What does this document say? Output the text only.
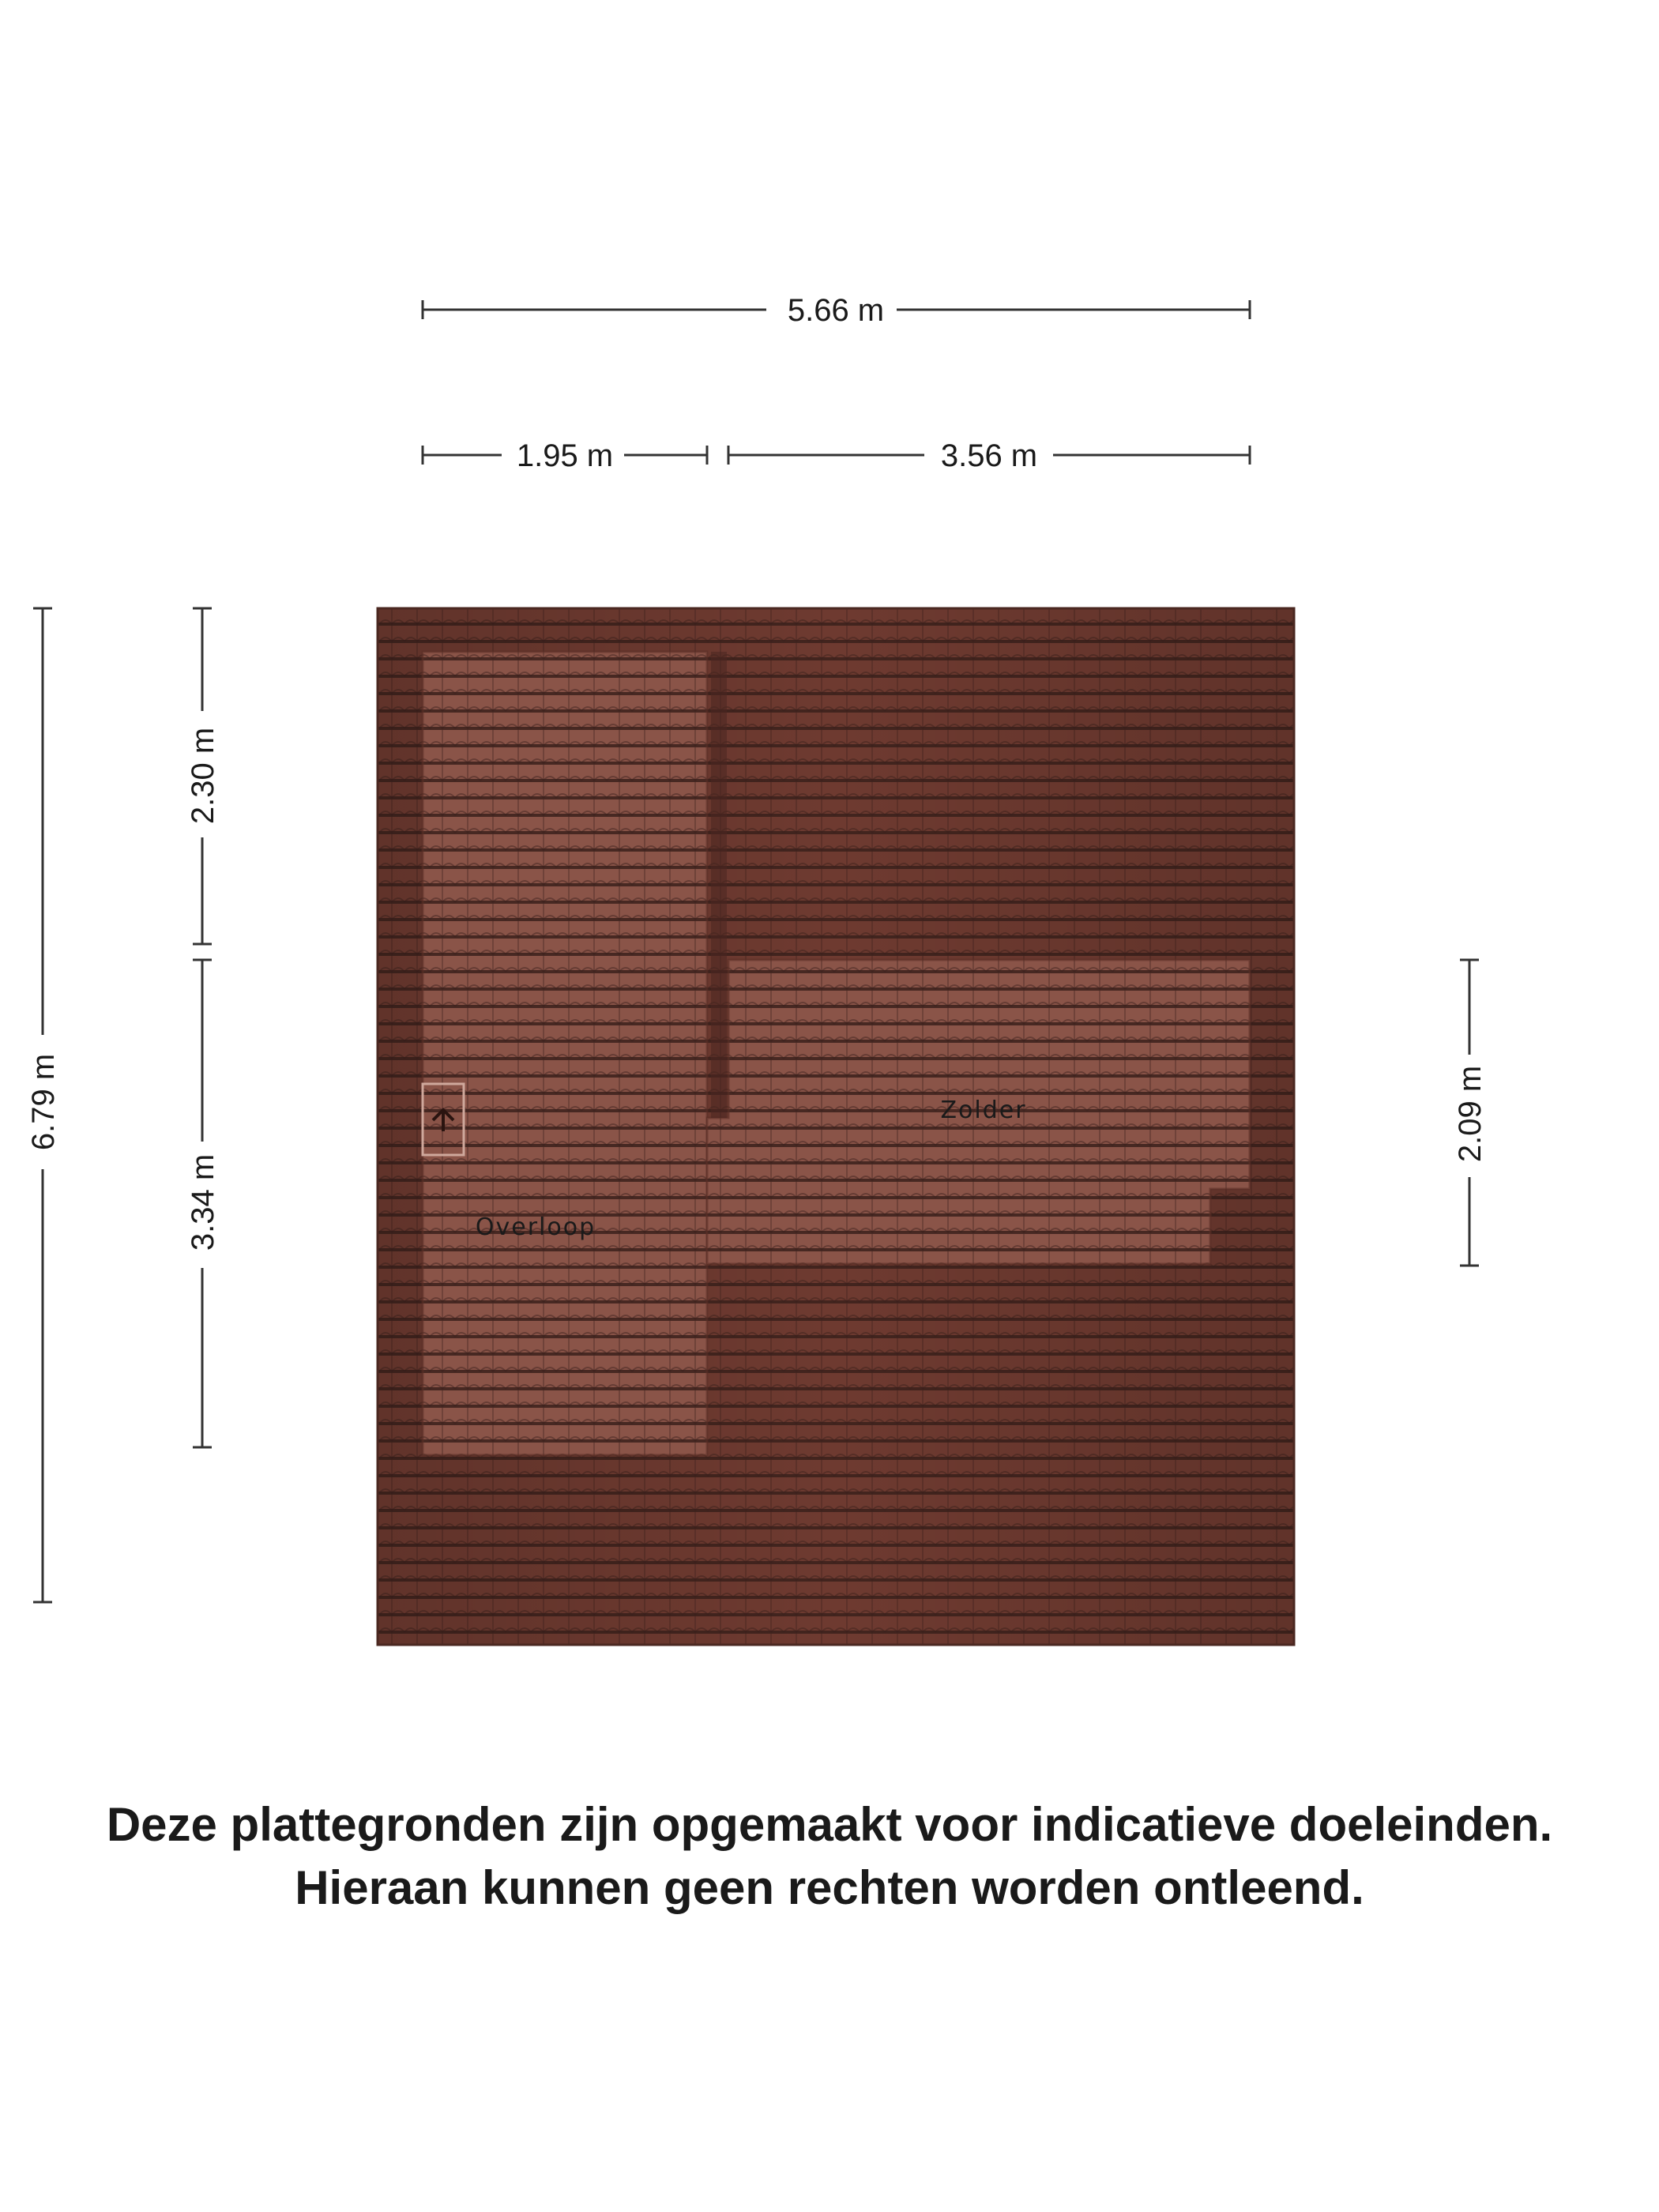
5.66 m
1.95 m	3.56 m
6.79 m
2.30 m
3.34 m
2.09 m
Zolder
Overloop
Deze plattegronden zijn opgemaakt voor indicatieve doeleinden.
Hieraan kunnen geen rechten worden ontleend.
